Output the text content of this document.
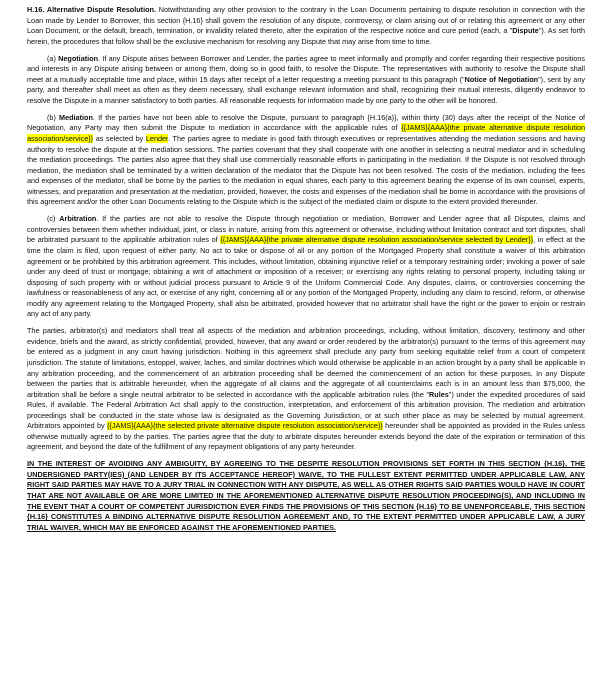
H.16. Alternative Dispute Resolution. Notwithstanding any other provision to the contrary in the Loan Documents pertaining to dispute resolution in connection with the Loan made by Lender to Borrower, this section {H.16} shall govern the resolution of any dispute, controversy, or claim arising out of or relating this agreement or any other Loan Document, or the default, breach, termination, or invalidity related thereto, after the expiration of the respective notice and cure period (each, a "Dispute"). As set forth herein, the procedures that follow shall be the exclusive mechanism for resolving any Dispute that may arise from time to time.

(a) Negotiation. If any Dispute arises between Borrower and Lender, the parties agree to meet informally and promptly and confer regarding their respective positions and interests in any Dispute arising between or among them, doing so in good faith, to resolve the Dispute. The representatives with authority to resolve the Dispute shall meet at a mutually acceptable time and place, within 15 days after receipt of a letter requesting a meeting pursuant to this paragraph ("Notice of Negotiation"), sent by any party, and thereafter shall meet as often as they deem necessary, shall exchange relevant information and shall, recognizing their mutual interests, diligently endeavor to resolve the Dispute in a manner satisfactory to both parties. All reasonable requests for information made by one party to the other will be honored.

(b) Mediation. If the parties have not been able to resolve the Dispute, pursuant to paragraph {H.16(a)}, within thirty (30) days after the receipt of the Notice of Negotiation, any Party may then submit the Dispute to mediation in accordance with the applicable rules of {{JAMS}{AAA}{the private alternative dispute resolution association/service}} as selected by Lender. The parties agree to mediate in good faith through executives or representatives attending the mediation sessions and having authority to resolve the dispute at the mediation sessions. The parties covenant that they shall cooperate with one another in selecting a neutral mediator and in scheduling the mediation proceedings. The parties also agree that they shall use commercially reasonable efforts in participating in the mediation. If the Dispute is not resolved through mediation, the mediation shall be terminated by a written declaration of the mediator that the Dispute has not been resolved. The costs of the mediation, including the fees and expenses of the mediator, shall be borne by the parties to the mediation in equal shares, each party to this agreement bearing the expense of its own counsel, experts, witnesses, and preparation and presentation at the mediation, provided, however, the costs and expenses of the mediation shall be borne in accordance with the provisions of this agreement and/or the other Loan Documents relating to the Dispute which is the subject of the mediated claim or dispute to the extent provided thereunder.

(c) Arbitration. If the parties are not able to resolve the Dispute through negotiation or mediation, Borrower and Lender agree that all Disputes, claims and controversies between them whether individual, joint, or class in nature, arising from this agreement or otherwise, including without limitation contract and tort disputes, shall be arbitrated pursuant to the applicable arbitration rules of {{JAMS}{AAA}{the private alternative dispute resolution association/service selected by Lender}}, in effect at the time the claim is filed, upon request of either party. No act to take or dispose of all or any portion of the Mortgaged Property shall constitute a waiver of this arbitration agreement or be prohibited by this arbitration agreement. This includes, without limitation, obtaining injunctive relief or a temporary restraining order; invoking a power of sale under any deed of trust or mortgage; obtaining a writ of attachment or imposition of a receiver; or exercising any rights relating to personal property, including taking or disposing of such property with or without judicial process pursuant to Article 9 of the Uniform Commercial Code. Any disputes, claims, or controversies concerning the lawfulness or reasonableness of any act, or exercise of any right, concerning all or any portion of the Mortgaged Property, including any claim to rescind, reform, or otherwise modify any agreement relating to the Mortgaged Property, shall also be arbitrated, provided however that no arbitrator shall have the right or the power to enjoin or restrain any act of any party.

The parties, arbitrator(s) and mediators shall treat all aspects of the mediation and arbitration proceedings, including, without limitation, discovery, testimony and other evidence, briefs and the award, as strictly confidential, provided, however, that any award or order rendered by the arbitrator(s) pursuant to the terms of this agreement may be entered as a judgment in any court having jurisdiction. Nothing in this agreement shall preclude any party from seeking equitable relief from a court of competent jurisdiction. The statute of limitations, estoppel, waiver, laches, and similar doctrines which would otherwise be applicable in an action brought by a party shall be applicable in any arbitration proceeding, and the commencement of an arbitration proceeding shall be deemed the commencement of an action for these purposes. In any Dispute between the parties that is arbitrable hereunder, when the aggregate of all claims and the aggregate of all counterclaims each is in an amount less than $75,000, the arbitration shall be before a single neutral arbitrator to be selected in accordance with the applicable arbitration rules (the "Rules") under the expedited procedures of said Rules, if available. The Federal Arbitration Act shall apply to the construction, interpretation, and enforcement of this arbitration provision. The mediation and arbitration proceedings shall be conducted in the state whose law is designated as the Governing Jurisdiction, or at such other place as may be selected by mutual agreement. Arbitrators appointed by {{JAMS}{AAA}{the selected private alternative dispute resolution association/service}} hereunder shall be appointed as provided in the Rules unless otherwise mutually agreed to by the parties. The parties agree that the duty to arbitrate disputes hereunder extends beyond the date of the expiration or termination of this agreement, and beyond the date of the fulfillment of any repayment obligations of any party hereunder.

IN THE INTEREST OF AVOIDING ANY AMBIGUITY, BY AGREEING TO THE DESPITE RESOLUTION PROVISIONS SET FORTH IN THIS SECTION {H.16}, THE UNDERSIGNED PARTY(IES) (AND LENDER BY ITS ACCEPTANCE HEREOF) WAIVE, TO THE FULLEST EXTENT PERMITTED UNDER APPLICABLE LAW, ANY RIGHT SAID PARTIES MAY HAVE TO A JURY TRIAL IN CONNECTION WITH ANY DISPUTE, AS WELL AS OTHER RIGHTS SAID PARTIES WOULD HAVE IN COURT THAT ARE NOT AVAILABLE OR ARE MORE LIMITED IN THE AFOREMENTIONED ALTERNATIVE DISPUTE RESOLUTION PROCEEDING(S), AND INCLUDING IN THE EVENT THAT A COURT OF COMPETENT JURISDICTION EVER FINDS THE PROVISIONS OF THIS SECTION {H.16} TO BE UNENFORCEABLE, THIS SECTION {H.16} CONSTITUTES A BINDING ALTERNATIVE DISPUTE RESOLUTION AGREEMENT AND, TO THE EXTENT PERMITTED UNDER APPLICABLE LAW, A JURY TRIAL WAIVER, WHICH MAY BE ENFORCED AGAINST THE AFOREMENTIONED PARTIES.
